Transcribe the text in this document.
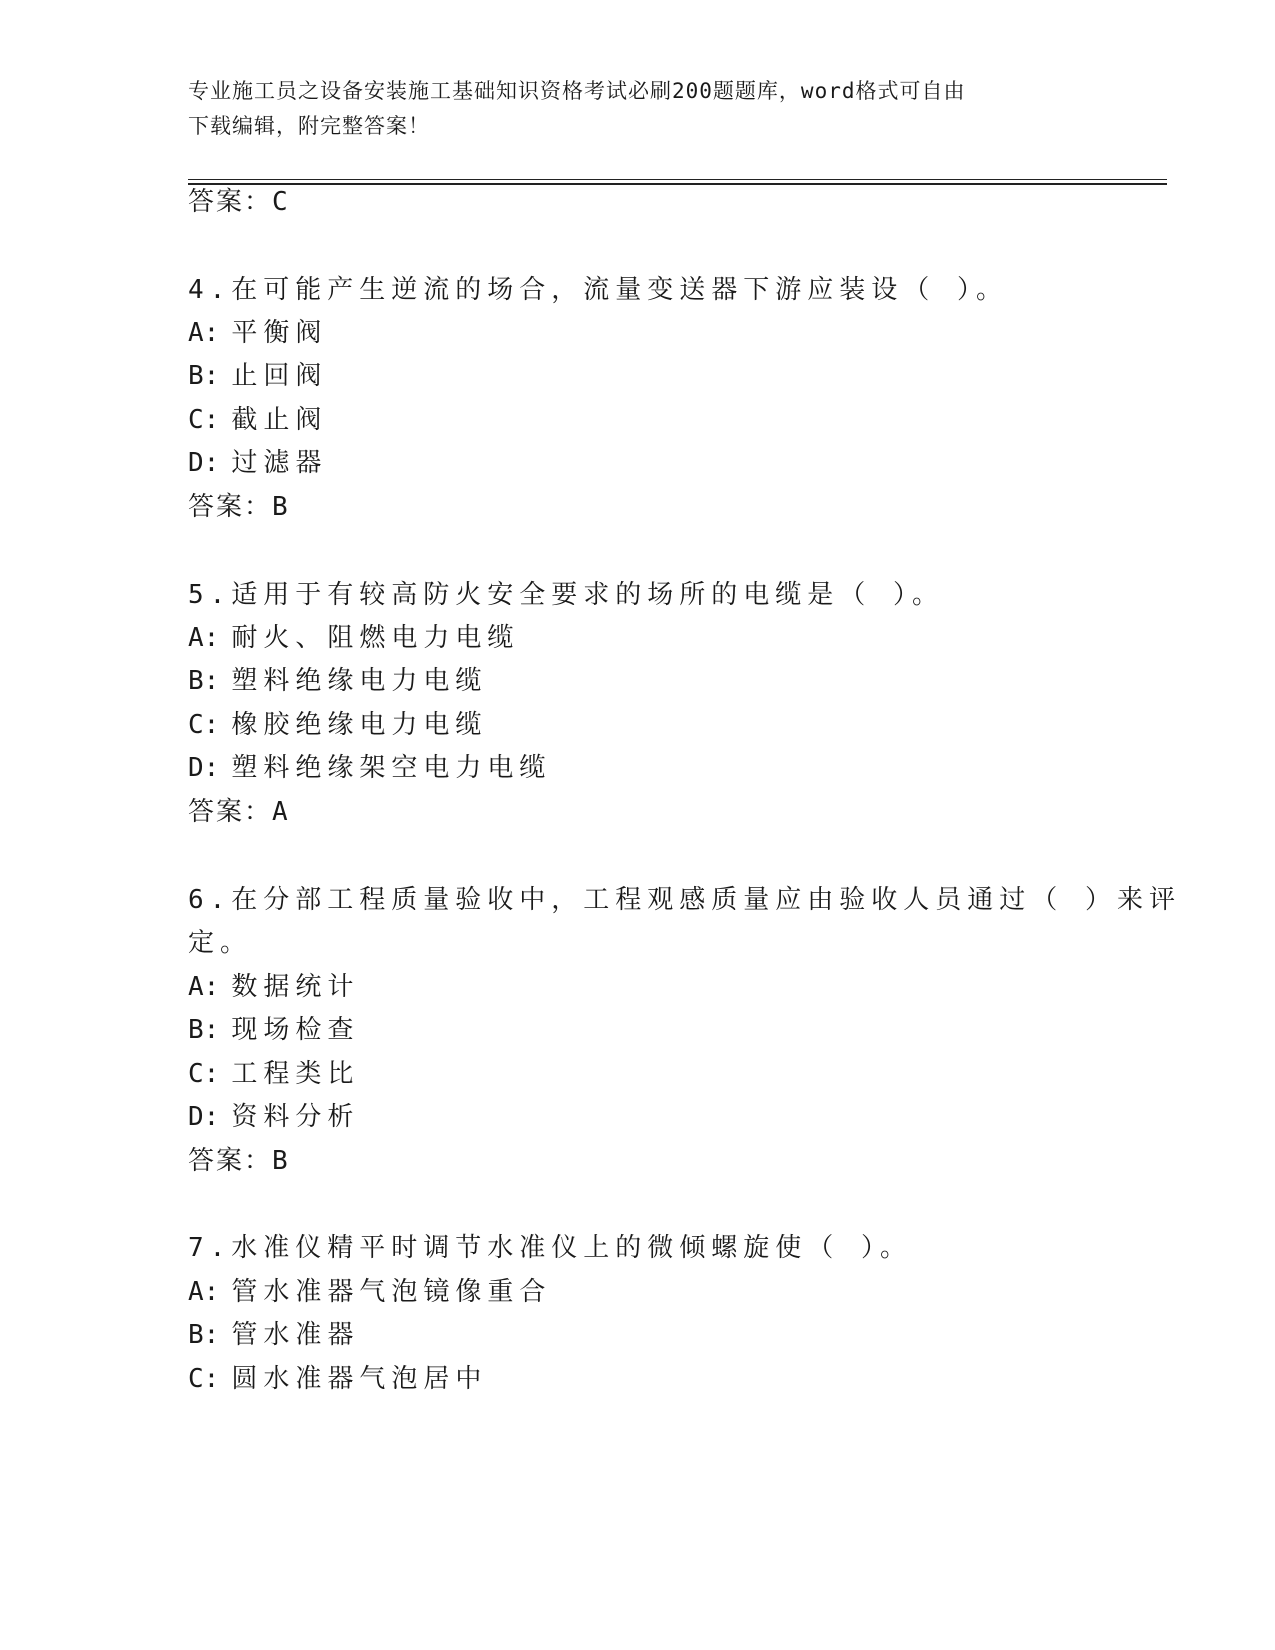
专业施工员之设备安装施工基础知识资格考试必刷200题题库，word格式可自由
下载编辑，附完整答案！
答案：C
4.在可能产生逆流的场合，流量变送器下游应装设（ ）。
A: 平衡阀
B: 止回阀
C: 截止阀
D: 过滤器
答案：B
5.适用于有较高防火安全要求的场所的电缆是（ ）。
A: 耐火、阻燃电力电缆
B: 塑料绝缘电力电缆
C: 橡胶绝缘电力电缆
D: 塑料绝缘架空电力电缆
答案：A
6.在分部工程质量验收中，工程观感质量应由验收人员通过（ ）来评
定。
A: 数据统计
B: 现场检查
C: 工程类比
D: 资料分析
答案：B
7.水准仪精平时调节水准仪上的微倾螺旋使（ ）。
A: 管水准器气泡镜像重合
B: 管水准器
C: 圆水准器气泡居中
